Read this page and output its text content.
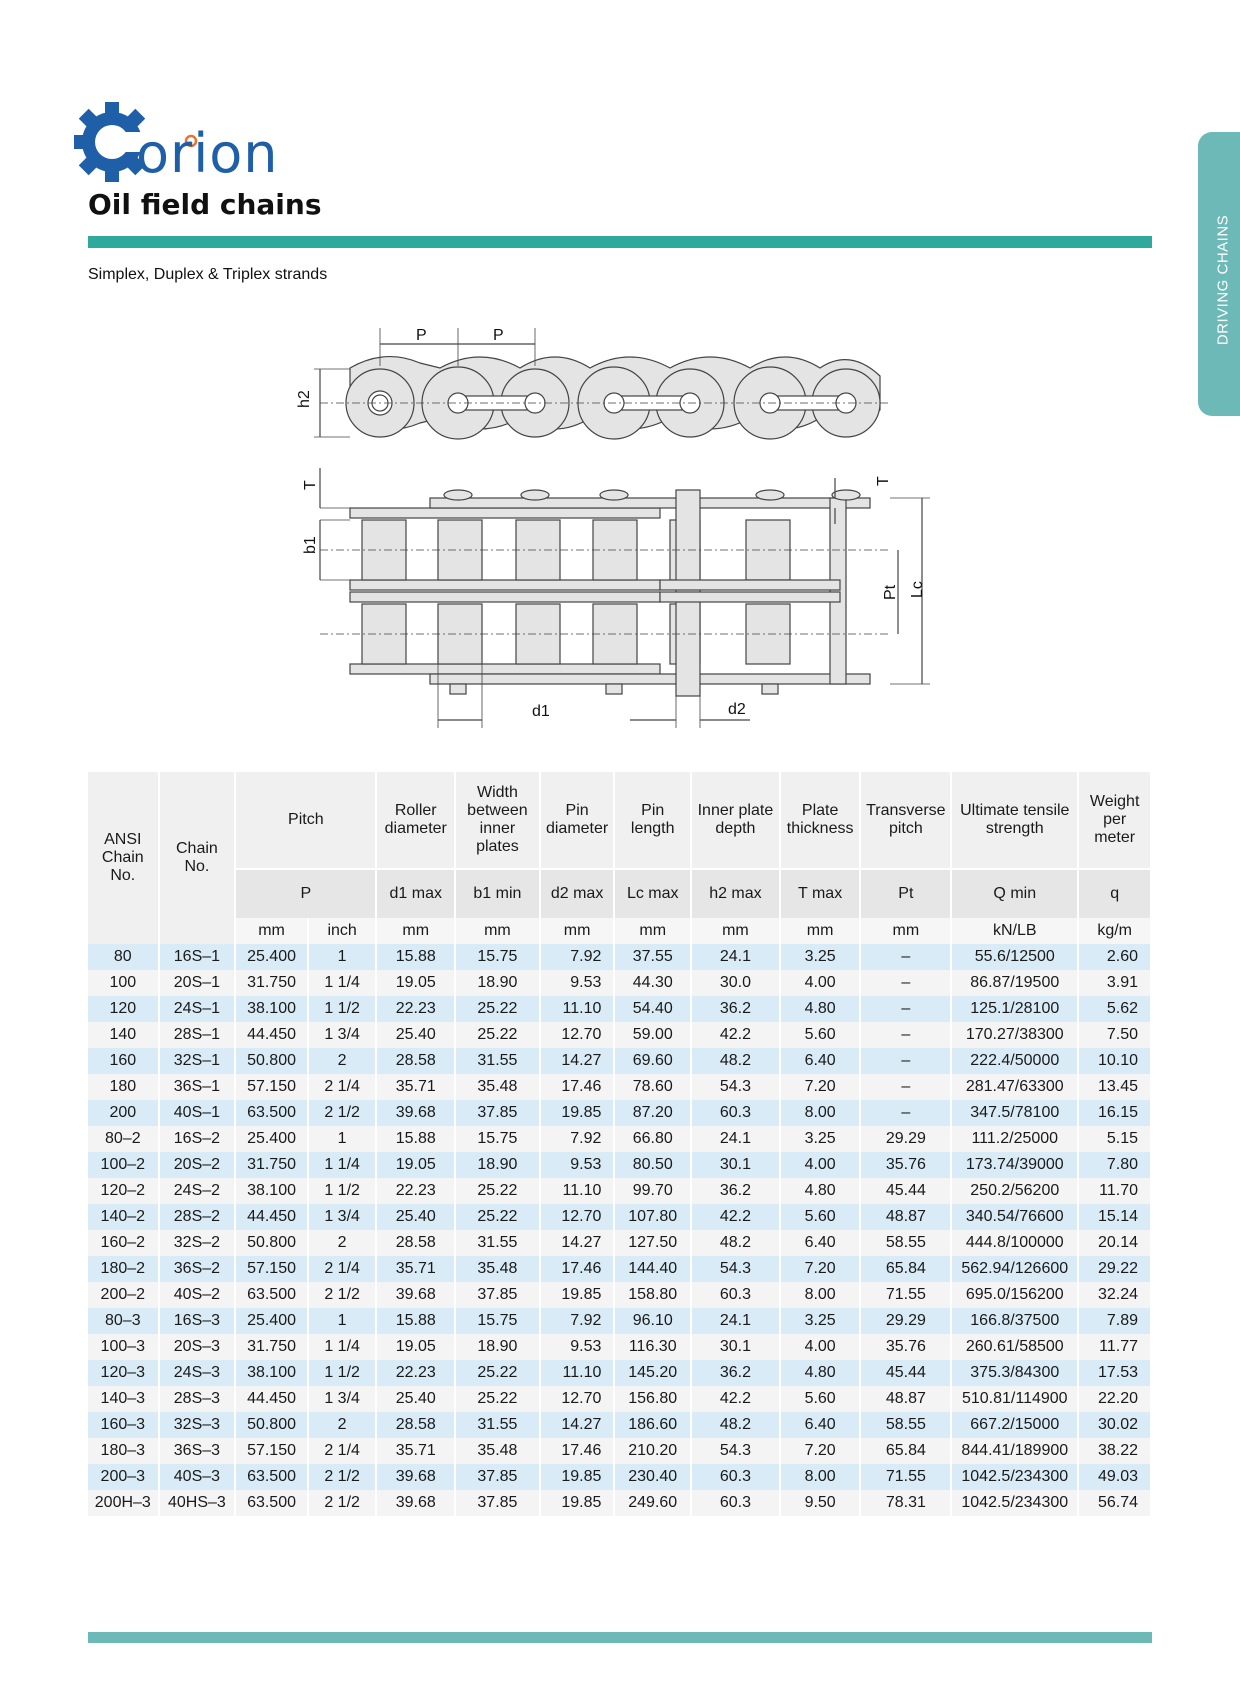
orion
Oil field chains
Simplex, Duplex & Triplex strands	DRIVING CHAINS
P	P
h2
T
b1
T
Pt Lc
d1	d2
ANSI Chain No.	Chain No.	Pitch		Roller diameter	Width between inner plates	Pin diameter	Pin length	Inner plate depth	Plate thickness	Transverse pitch	Ultimate tensile strength	Weight per meter
		P		d1 max	b1 min	d2 max	Lc max	h2 max	T max	Pt	Q min	q
		mm	inch	mm	mm	mm	mm	mm	mm	mm	kN/LB	kg/m
80	16S–1	25.400	1	15.88	15.75	7.92	37.55	24.1	3.25	–	55.6/12500	2.60
100	20S–1	31.750	1 1/4	19.05	18.90	9.53	44.30	30.0	4.00	–	86.87/19500	3.91
120	24S–1	38.100	1 1/2	22.23	25.22	11.10	54.40	36.2	4.80	–	125.1/28100	5.62
140	28S–1	44.450	1 3/4	25.40	25.22	12.70	59.00	42.2	5.60	–	170.27/38300	7.50
160	32S–1	50.800	2	28.58	31.55	14.27	69.60	48.2	6.40	–	222.4/50000	10.10
180	36S–1	57.150	2 1/4	35.71	35.48	17.46	78.60	54.3	7.20	–	281.47/63300	13.45
200	40S–1	63.500	2 1/2	39.68	37.85	19.85	87.20	60.3	8.00	–	347.5/78100	16.15
80–2	16S–2	25.400	1	15.88	15.75	7.92	66.80	24.1	3.25	29.29	111.2/25000	5.15
100–2	20S–2	31.750	1 1/4	19.05	18.90	9.53	80.50	30.1	4.00	35.76	173.74/39000	7.80
120–2	24S–2	38.100	1 1/2	22.23	25.22	11.10	99.70	36.2	4.80	45.44	250.2/56200	11.70
140–2	28S–2	44.450	1 3/4	25.40	25.22	12.70	107.80	42.2	5.60	48.87	340.54/76600	15.14
160–2	32S–2	50.800	2	28.58	31.55	14.27	127.50	48.2	6.40	58.55	444.8/100000	20.14
180–2	36S–2	57.150	2 1/4	35.71	35.48	17.46	144.40	54.3	7.20	65.84	562.94/126600	29.22
200–2	40S–2	63.500	2 1/2	39.68	37.85	19.85	158.80	60.3	8.00	71.55	695.0/156200	32.24
80–3	16S–3	25.400	1	15.88	15.75	7.92	96.10	24.1	3.25	29.29	166.8/37500	7.89
100–3	20S–3	31.750	1 1/4	19.05	18.90	9.53	116.30	30.1	4.00	35.76	260.61/58500	11.77
120–3	24S–3	38.100	1 1/2	22.23	25.22	11.10	145.20	36.2	4.80	45.44	375.3/84300	17.53
140–3	28S–3	44.450	1 3/4	25.40	25.22	12.70	156.80	42.2	5.60	48.87	510.81/114900	22.20
160–3	32S–3	50.800	2	28.58	31.55	14.27	186.60	48.2	6.40	58.55	667.2/15000	30.02
180–3	36S–3	57.150	2 1/4	35.71	35.48	17.46	210.20	54.3	7.20	65.84	844.41/189900	38.22
200–3	40S–3	63.500	2 1/2	39.68	37.85	19.85	230.40	60.3	8.00	71.55	1042.5/234300	49.03
200H–3	40HS–3	63.500	2 1/2	39.68	37.85	19.85	249.60	60.3	9.50	78.31	1042.5/234300	56.74
